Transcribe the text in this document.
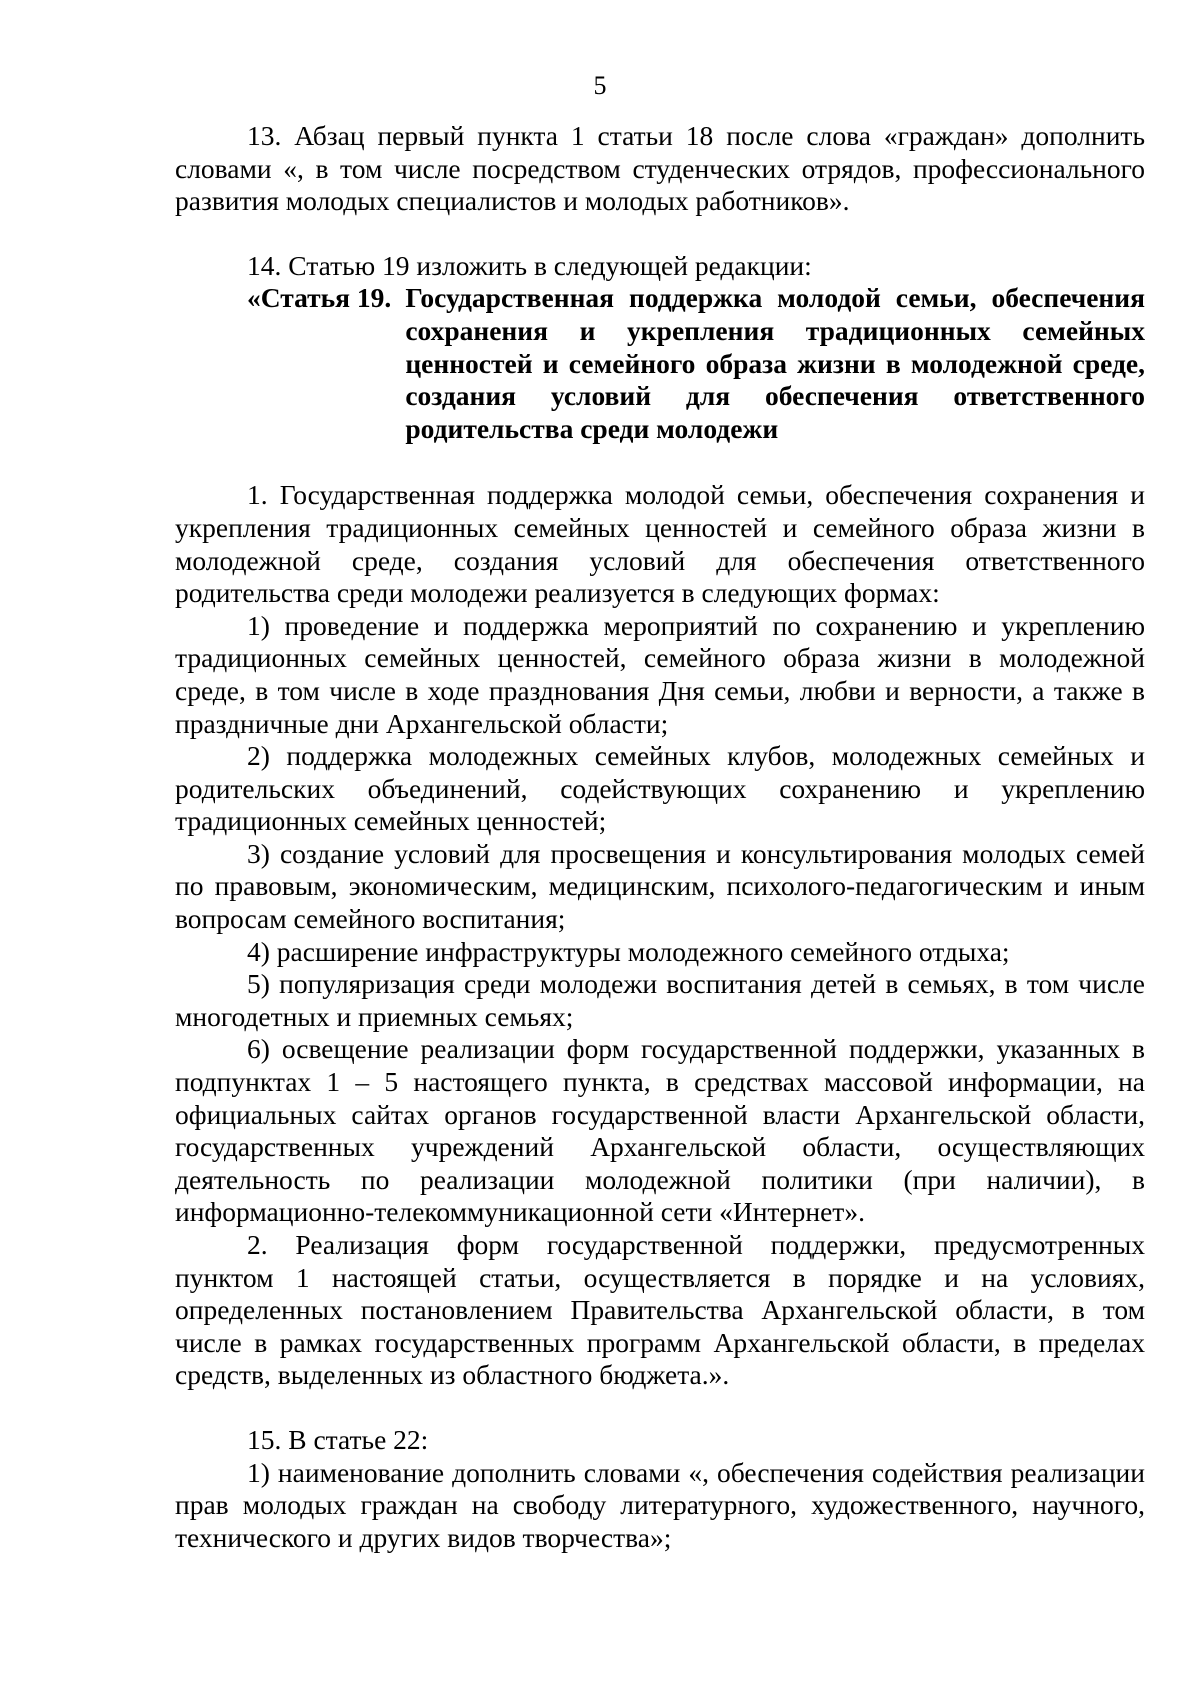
5

13. Абзац первый пункта 1 статьи 18 после слова «граждан» дополнить словами «, в том числе посредством студенческих отрядов, профессионального развития молодых специалистов и молодых работников».

14. Статью 19 изложить в следующей редакции:

«Статья 19. Государственная поддержка молодой семьи, обеспечения сохранения и укрепления традиционных семейных ценностей и семейного образа жизни в молодежной среде, создания условий для обеспечения ответственного родительства среди молодежи

1. Государственная поддержка молодой семьи, обеспечения сохранения и укрепления традиционных семейных ценностей и семейного образа жизни в молодежной среде, создания условий для обеспечения ответственного родительства среди молодежи реализуется в следующих формах:

1) проведение и поддержка мероприятий по сохранению и укреплению традиционных семейных ценностей, семейного образа жизни в молодежной среде, в том числе в ходе празднования Дня семьи, любви и верности, а также в праздничные дни Архангельской области;

2) поддержка молодежных семейных клубов, молодежных семейных и родительских объединений, содействующих сохранению и укреплению традиционных семейных ценностей;

3) создание условий для просвещения и консультирования молодых семей по правовым, экономическим, медицинским, психолого-педагогическим и иным вопросам семейного воспитания;

4) расширение инфраструктуры молодежного семейного отдыха;

5) популяризация среди молодежи воспитания детей в семьях, в том числе многодетных и приемных семьях;

6) освещение реализации форм государственной поддержки, указанных в подпунктах 1 – 5 настоящего пункта, в средствах массовой информации, на официальных сайтах органов государственной власти Архангельской области, государственных учреждений Архангельской области, осуществляющих деятельность по реализации молодежной политики (при наличии), в информационно-телекоммуникационной сети «Интернет».

2. Реализация форм государственной поддержки, предусмотренных пунктом 1 настоящей статьи, осуществляется в порядке и на условиях, определенных постановлением Правительства Архангельской области, в том числе в рамках государственных программ Архангельской области, в пределах средств, выделенных из областного бюджета.».

15. В статье 22:

1) наименование дополнить словами «, обеспечения содействия реализации прав молодых граждан на свободу литературного, художественного, научного, технического и других видов творчества»;
